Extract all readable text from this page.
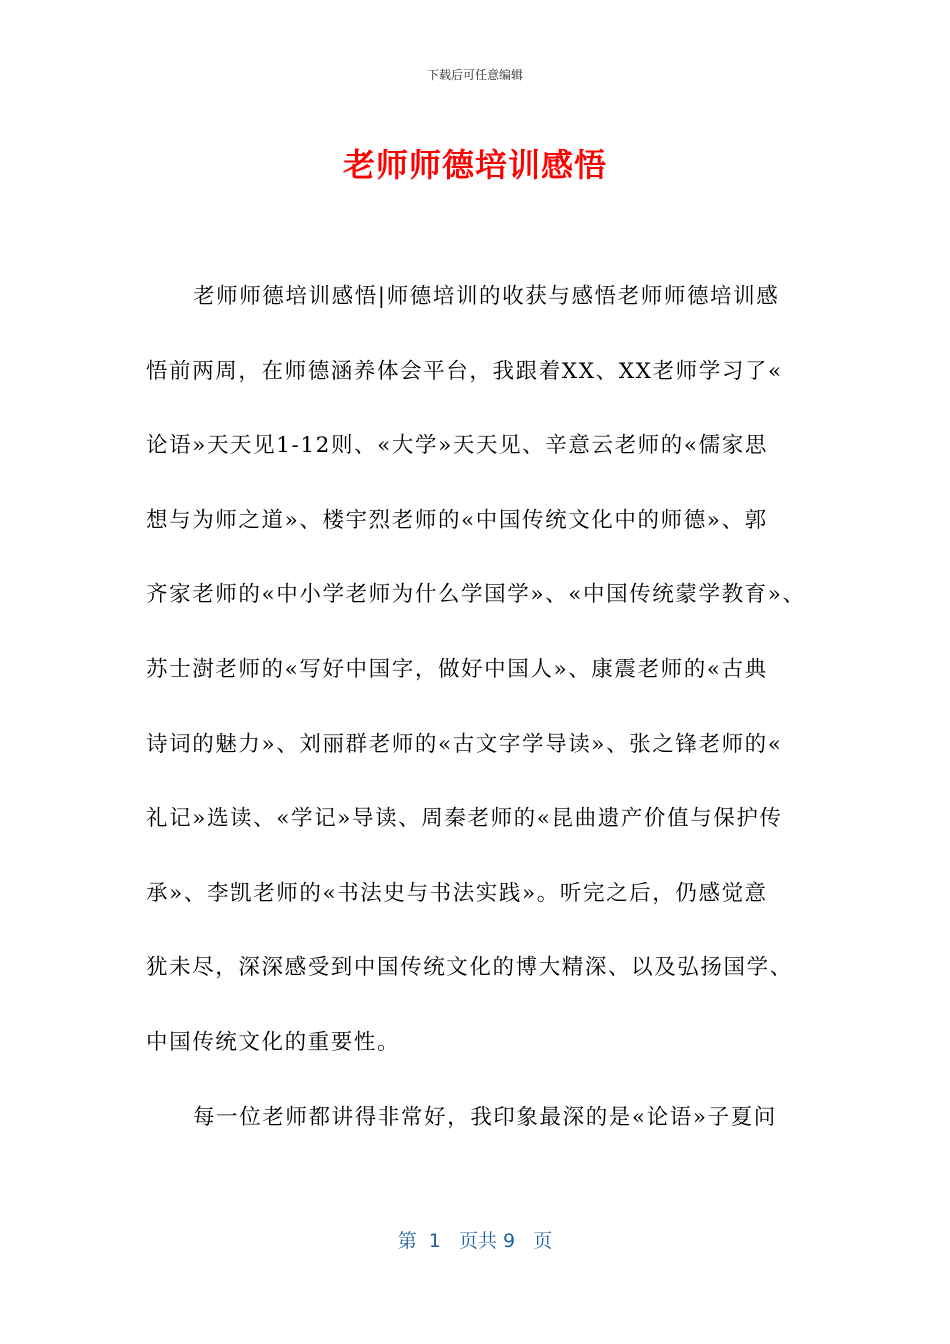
下载后可任意编辑
老师师德培训感悟
老师师德培训感悟|师德培训的收获与感悟老师师德培训感
悟前两周，在师德涵养体会平台，我跟着XX、XX老师学习了«
论语»天天见1-12则、«大学»天天见、辛意云老师的«儒家思
想与为师之道»、楼宇烈老师的«中国传统文化中的师德»、郭
齐家老师的«中小学老师为什么学国学»、«中国传统蒙学教育»、
苏士澍老师的«写好中国字，做好中国人»、康震老师的«古典
诗词的魅力»、刘丽群老师的«古文字学导读»、张之锋老师的«
礼记»选读、«学记»导读、周秦老师的«昆曲遗产价值与保护传
承»、李凯老师的«书法史与书法实践»。听完之后，仍感觉意
犹未尽，深深感受到中国传统文化的博大精深、以及弘扬国学、
中国传统文化的重要性。
每一位老师都讲得非常好，我印象最深的是«论语»子夏问
第  1   页共 9   页
